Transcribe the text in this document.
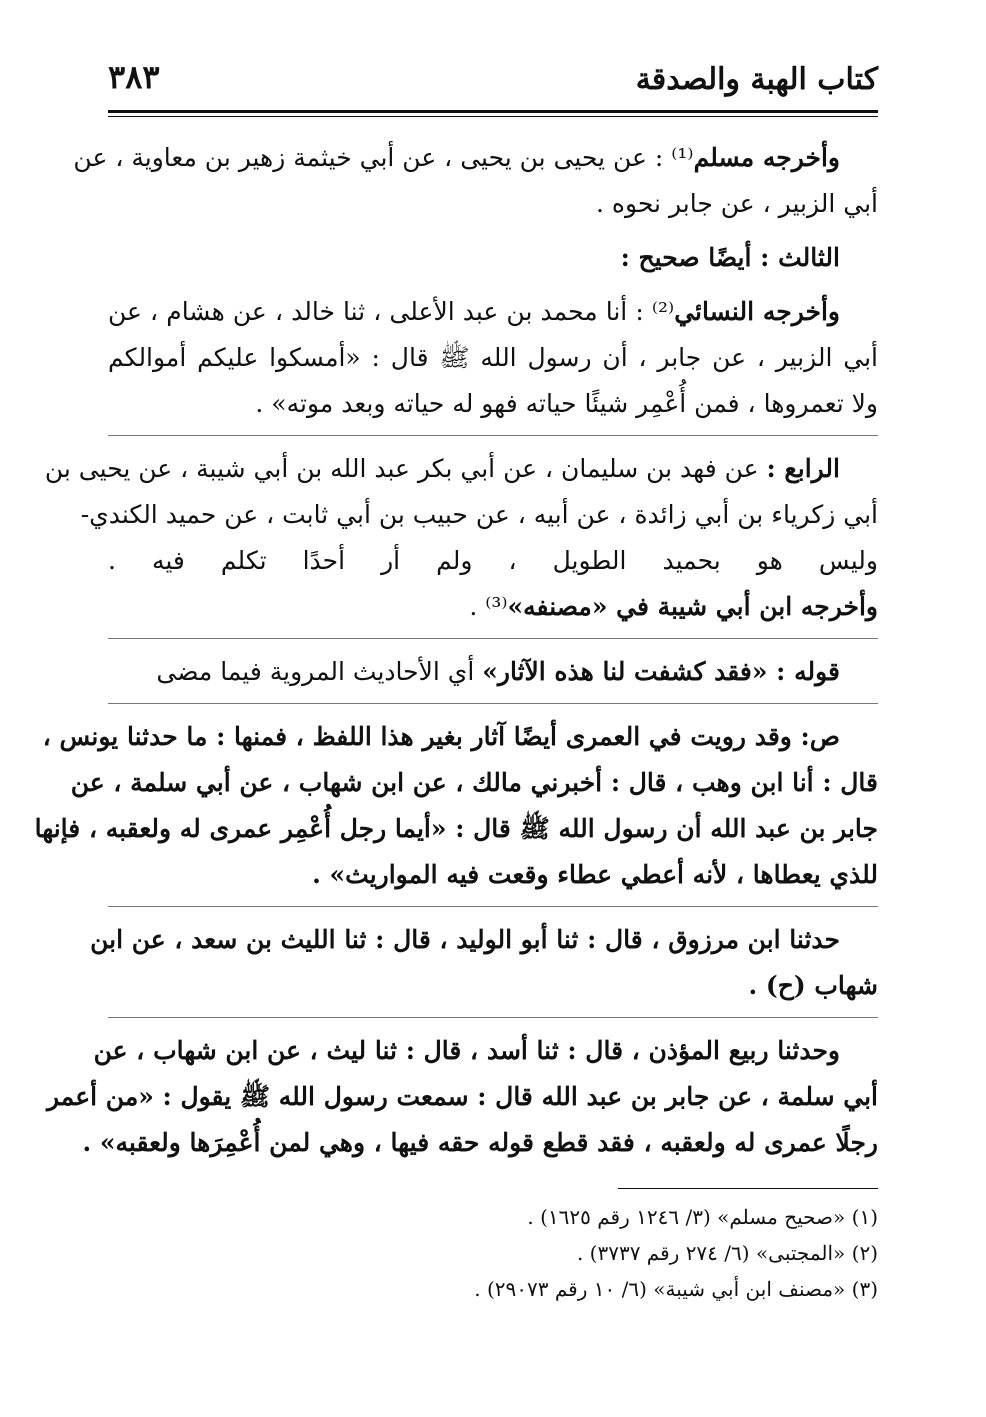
كتاب الهبة والصدقة
٣٨٣
وأخرجه مسلم⁽¹⁾ : عن يحيى بن يحيى ، عن أبي خيثمة زهير بن معاوية ، عن
أبي الزبير ، عن جابر نحوه .
الثالث : أيضًا صحيح :
وأخرجه النسائي⁽²⁾ : أنا محمد بن عبد الأعلى ، ثنا خالد ، عن هشام ، عن
أبي الزبير ، عن جابر ، أن رسول الله ﷺ قال : «أمسكوا عليكم أموالكم
ولا تعمروها ، فمن أُعْمِر شيئًا حياته فهو له حياته وبعد موته» .
الرابع : عن فهد بن سليمان ، عن أبي بكر عبد الله بن أبي شيبة ، عن يحيى بن
أبي زكرياء بن أبي زائدة ، عن أبيه ، عن حبيب بن أبي ثابت ، عن حميد الكندي-
وليس هو بحميد الطويل ، ولم أر أحدًا تكلم فيه .
وأخرجه ابن أبي شيبة في «مصنفه»⁽³⁾ .
قوله : «فقد كشفت لنا هذه الآثار» أي الأحاديث المروية فيما مضى
ص: وقد رويت في العمرى أيضًا آثار بغير هذا اللفظ ، فمنها : ما حدثنا يونس ،
قال : أنا ابن وهب ، قال : أخبرني مالك ، عن ابن شهاب ، عن أبي سلمة ، عن
جابر بن عبد الله أن رسول الله ﷺ قال : «أيما رجل أُعْمِر عمرى له ولعقبه ، فإنها
للذي يعطاها ، لأنه أعطي عطاء وقعت فيه المواريث» .
حدثنا ابن مرزوق ، قال : ثنا أبو الوليد ، قال : ثنا الليث بن سعد ، عن ابن
شهاب (ح) .
وحدثنا ربيع المؤذن ، قال : ثنا أسد ، قال : ثنا ليث ، عن ابن شهاب ، عن
أبي سلمة ، عن جابر بن عبد الله قال : سمعت رسول الله ﷺ يقول : «من أعمر
رجلًا عمرى له ولعقبه ، فقد قطع قوله حقه فيها ، وهي لمن أُعْمِرَها ولعقبه» .
(١) «صحيح مسلم» (٣/ ١٢٤٦ رقم ١٦٢٥) .
(٢) «المجتبى» (٦/ ٢٧٤ رقم ٣٧٣٧) .
(٣) «مصنف ابن أبي شيبة» (٦/ ١٠ رقم ٢٩٠٧٣) .
